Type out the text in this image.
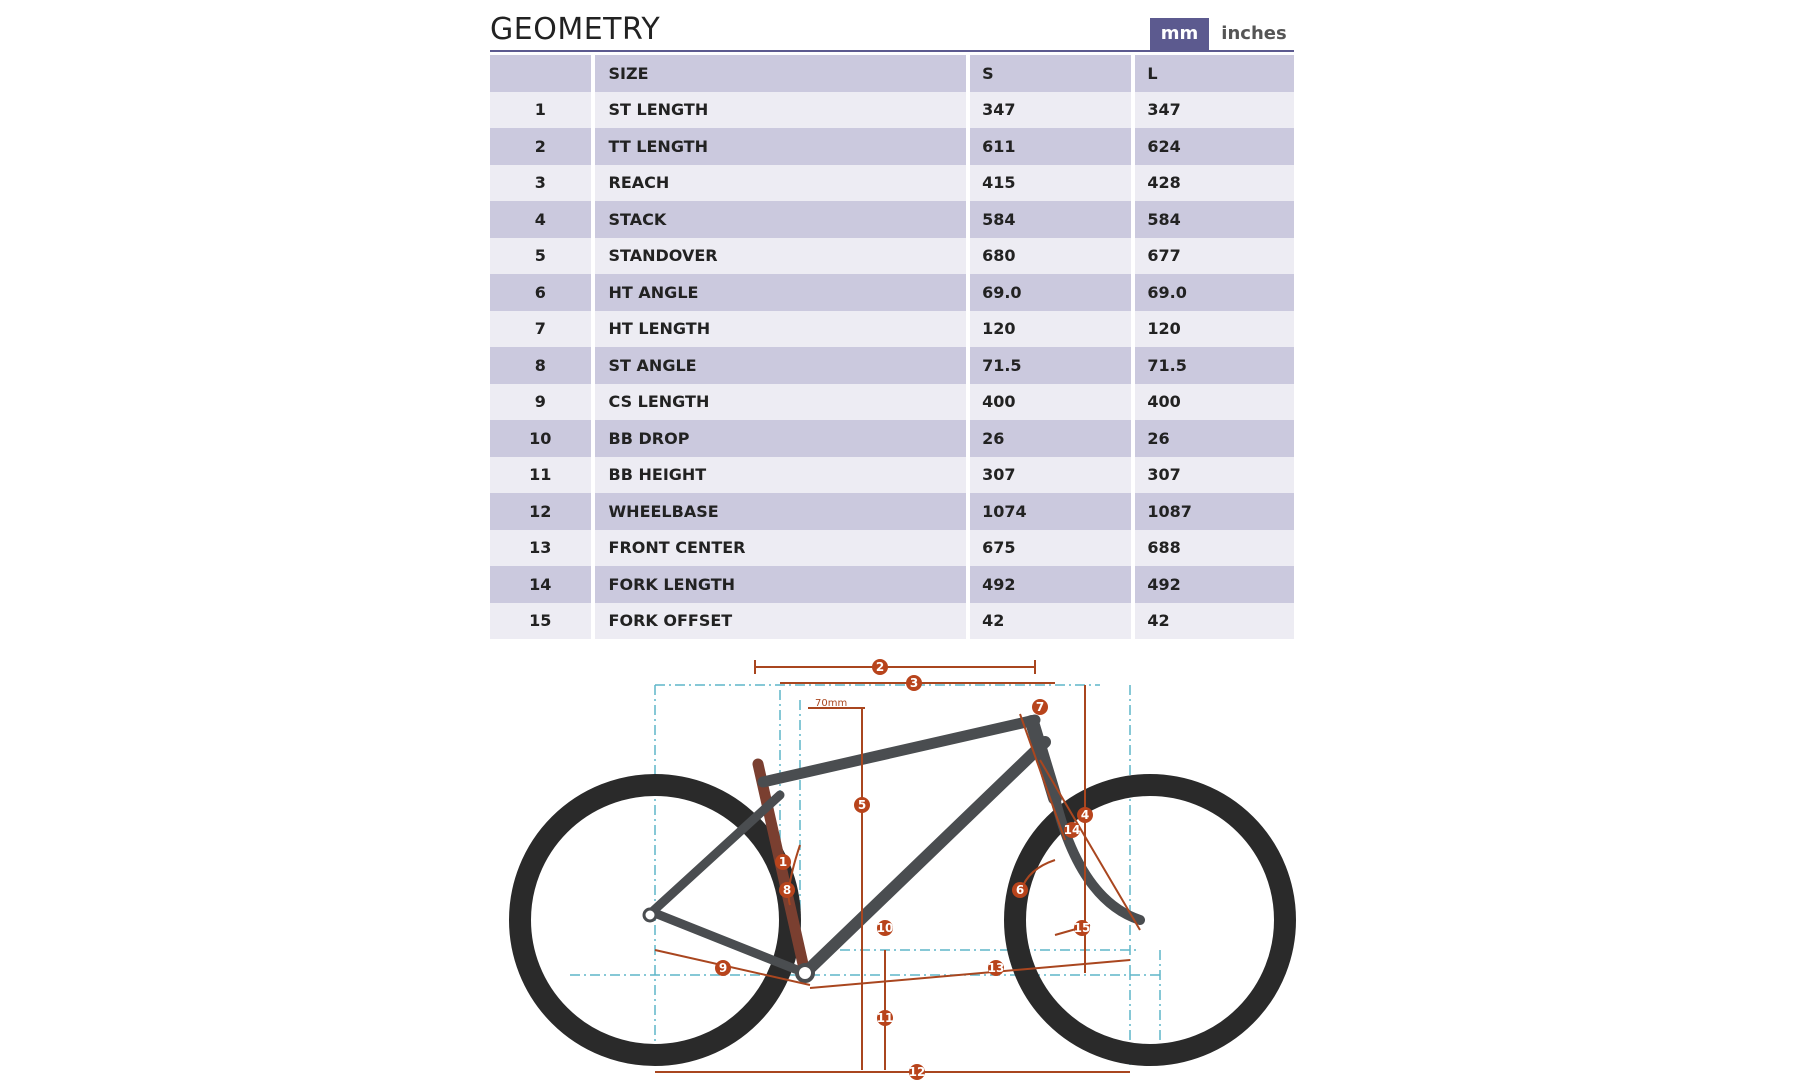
GEOMETRY	mm	inches
	SIZE	S	L
1	ST LENGTH	347	347
2	TT LENGTH	611	624
3	REACH	415	428
4	STACK	584	584
5	STANDOVER	680	677
6	HT ANGLE	69.0	69.0
7	HT LENGTH	120	120
8	ST ANGLE	71.5	71.5
9	CS LENGTH	400	400
10	BB DROP	26	26
11	BB HEIGHT	307	307
12	WHEELBASE	1074	1087
13	FRONT CENTER	675	688
14	FORK LENGTH	492	492
15	FORK OFFSET	42	42
70mm
1
2
3
4
5
6
7
8
9
10
11
12
13
14
15
